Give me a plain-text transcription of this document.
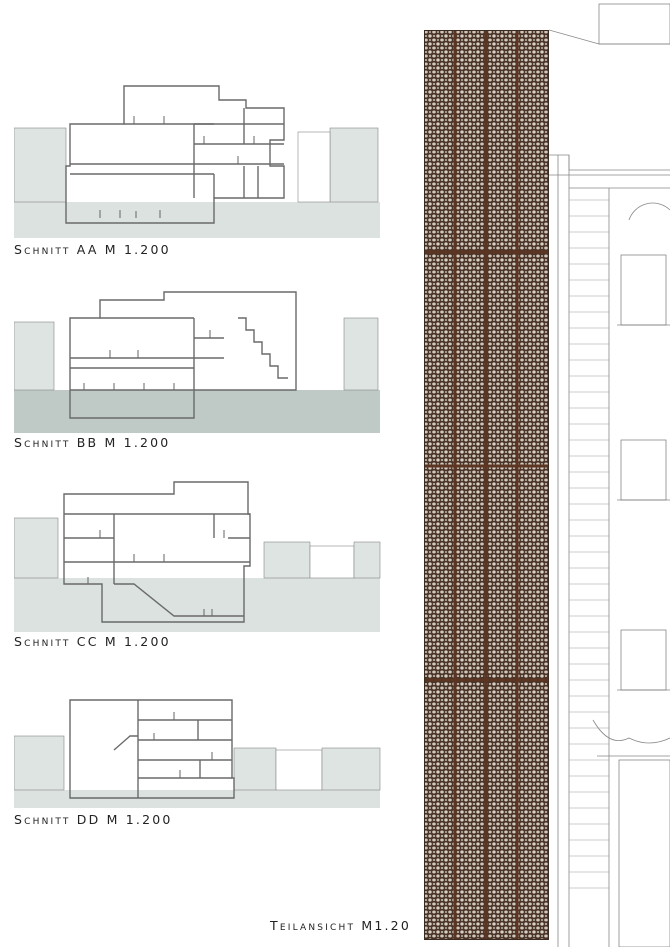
Schnitt AA M 1.200
Schnitt BB M 1.200
Schnitt CC M 1.200
Schnitt DD M 1.200
Teilansicht M1.20
